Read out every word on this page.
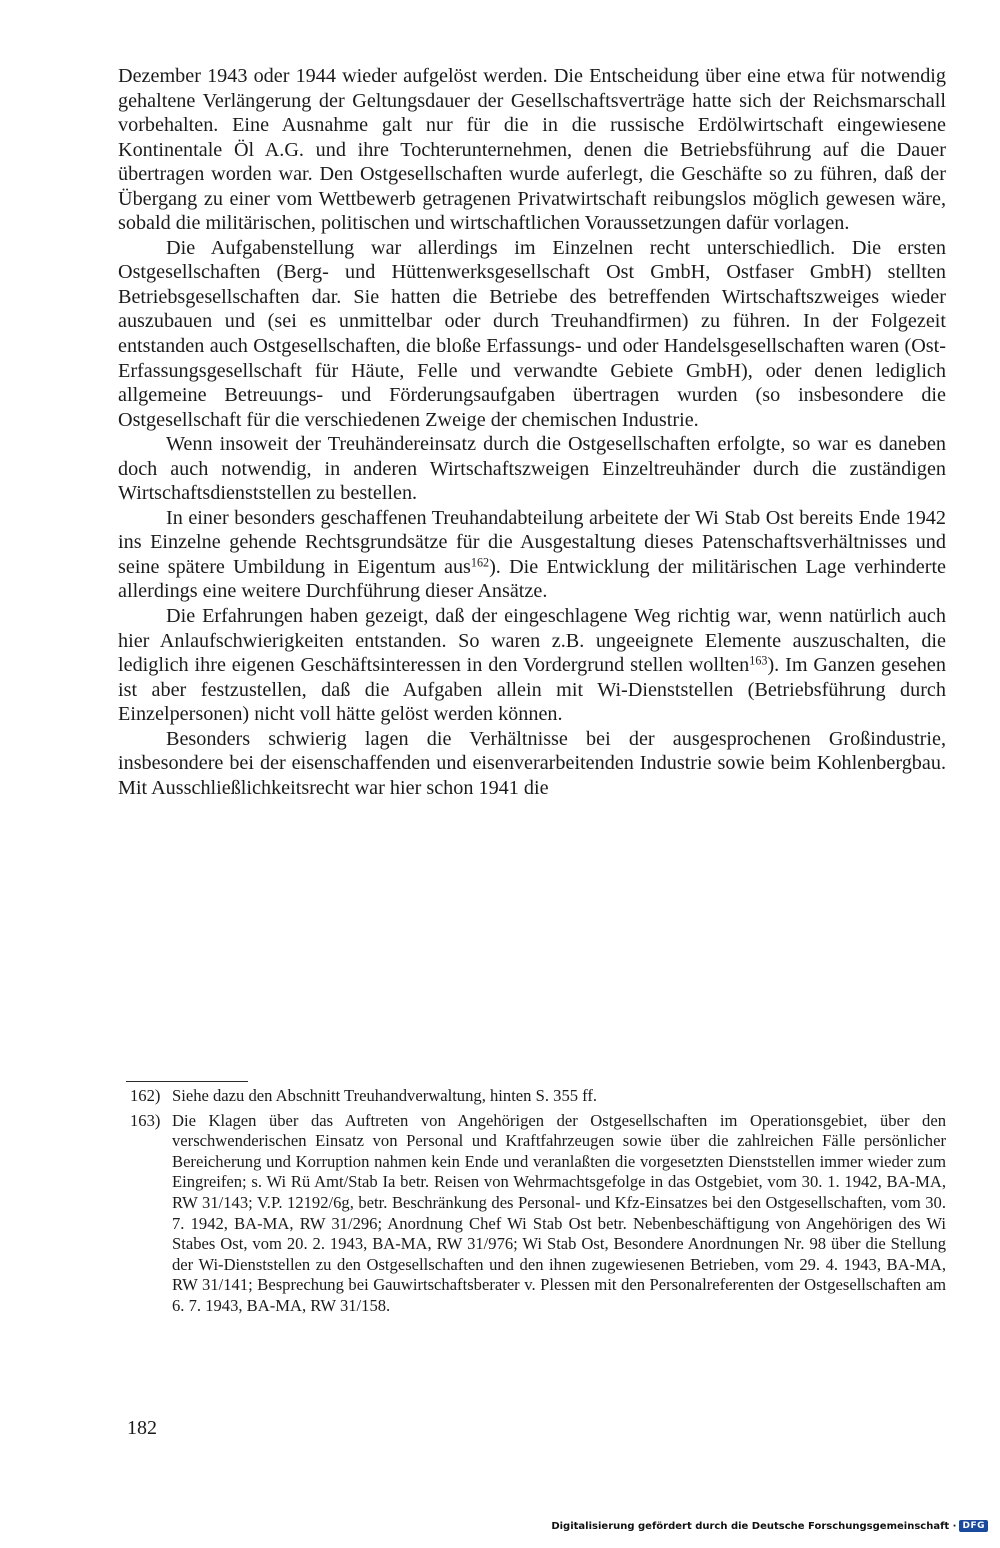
Dezember 1943 oder 1944 wieder aufgelöst werden. Die Entscheidung über eine etwa für notwendig gehaltene Verlängerung der Geltungsdauer der Gesellschaftsverträge hatte sich der Reichsmarschall vorbehalten. Eine Ausnahme galt nur für die in die russische Erdölwirtschaft eingewiesene Kontinentale Öl A.G. und ihre Tochterunternehmen, denen die Betriebsführung auf die Dauer übertragen worden war. Den Ostgesellschaften wurde auferlegt, die Geschäfte so zu führen, daß der Übergang zu einer vom Wettbewerb getragenen Privatwirtschaft reibungslos möglich gewesen wäre, sobald die militärischen, politischen und wirtschaftlichen Voraussetzungen dafür vorlagen.

Die Aufgabenstellung war allerdings im Einzelnen recht unterschiedlich. Die ersten Ostgesellschaften (Berg- und Hüttenwerksgesellschaft Ost GmbH, Ostfaser GmbH) stellten Betriebsgesellschaften dar. Sie hatten die Betriebe des betreffenden Wirtschaftszweiges wieder auszubauen und (sei es unmittelbar oder durch Treuhandfirmen) zu führen. In der Folgezeit entstanden auch Ostgesellschaften, die bloße Erfassungs- und oder Handelsgesellschaften waren (Ost-Erfassungsgesellschaft für Häute, Felle und verwandte Gebiete GmbH), oder denen lediglich allgemeine Betreuungs- und Förderungsaufgaben übertragen wurden (so insbesondere die Ostgesellschaft für die verschiedenen Zweige der chemischen Industrie.

Wenn insoweit der Treuhändereinsatz durch die Ostgesellschaften erfolgte, so war es daneben doch auch notwendig, in anderen Wirtschaftszweigen Einzeltreuhänder durch die zuständigen Wirtschaftsdienststellen zu bestellen.

In einer besonders geschaffenen Treuhandabteilung arbeitete der Wi Stab Ost bereits Ende 1942 ins Einzelne gehende Rechtsgrundsätze für die Ausgestaltung dieses Patenschaftsverhältnisses und seine spätere Umbildung in Eigentum aus$^{162}$). Die Entwicklung der militärischen Lage verhinderte allerdings eine weitere Durchführung dieser Ansätze.

Die Erfahrungen haben gezeigt, daß der eingeschlagene Weg richtig war, wenn natürlich auch hier Anlaufschwierigkeiten entstanden. So waren z.B. ungeeignete Elemente auszuschalten, die lediglich ihre eigenen Geschäftsinteressen in den Vordergrund stellen wollten$^{163}$). Im Ganzen gesehen ist aber festzustellen, daß die Aufgaben allein mit Wi-Dienststellen (Betriebsführung durch Einzelpersonen) nicht voll hätte gelöst werden können.

Besonders schwierig lagen die Verhältnisse bei der ausgesprochenen Großindustrie, insbesondere bei der eisenschaffenden und eisenverarbeitenden Industrie sowie beim Kohlenbergbau. Mit Ausschließlichkeitsrecht war hier schon 1941 die

162) Siehe dazu den Abschnitt Treuhandverwaltung, hinten S. 355 ff.
163) Die Klagen über das Auftreten von Angehörigen der Ostgesellschaften im Operationsgebiet, über den verschwenderischen Einsatz von Personal und Kraftfahrzeugen sowie über die zahlreichen Fälle persönlicher Bereicherung und Korruption nahmen kein Ende und veranlaßten die vorgesetzten Dienststellen immer wieder zum Eingreifen; s. Wi Rü Amt/Stab Ia betr. Reisen von Wehrmachtsgefolge in das Ostgebiet, vom 30. 1. 1942, BA-MA, RW 31/143; V.P. 12192/6g, betr. Beschränkung des Personal- und Kfz-Einsatzes bei den Ostgesellschaften, vom 30. 7. 1942, BA-MA, RW 31/296; Anordnung Chef Wi Stab Ost betr. Nebenbeschäftigung von Angehörigen des Wi Stabes Ost, vom 20. 2. 1943, BA-MA, RW 31/976; Wi Stab Ost, Besondere Anordnungen Nr. 98 über die Stellung der Wi-Dienststellen zu den Ostgesellschaften und den ihnen zugewiesenen Betrieben, vom 29. 4. 1943, BA-MA, RW 31/141; Besprechung bei Gauwirtschaftsberater v. Plessen mit den Personalreferenten der Ostgesellschaften am 6. 7. 1943, BA-MA, RW 31/158.
182
Digitalisierung gefördert durch die Deutsche Forschungsgemeinschaft · DFG
